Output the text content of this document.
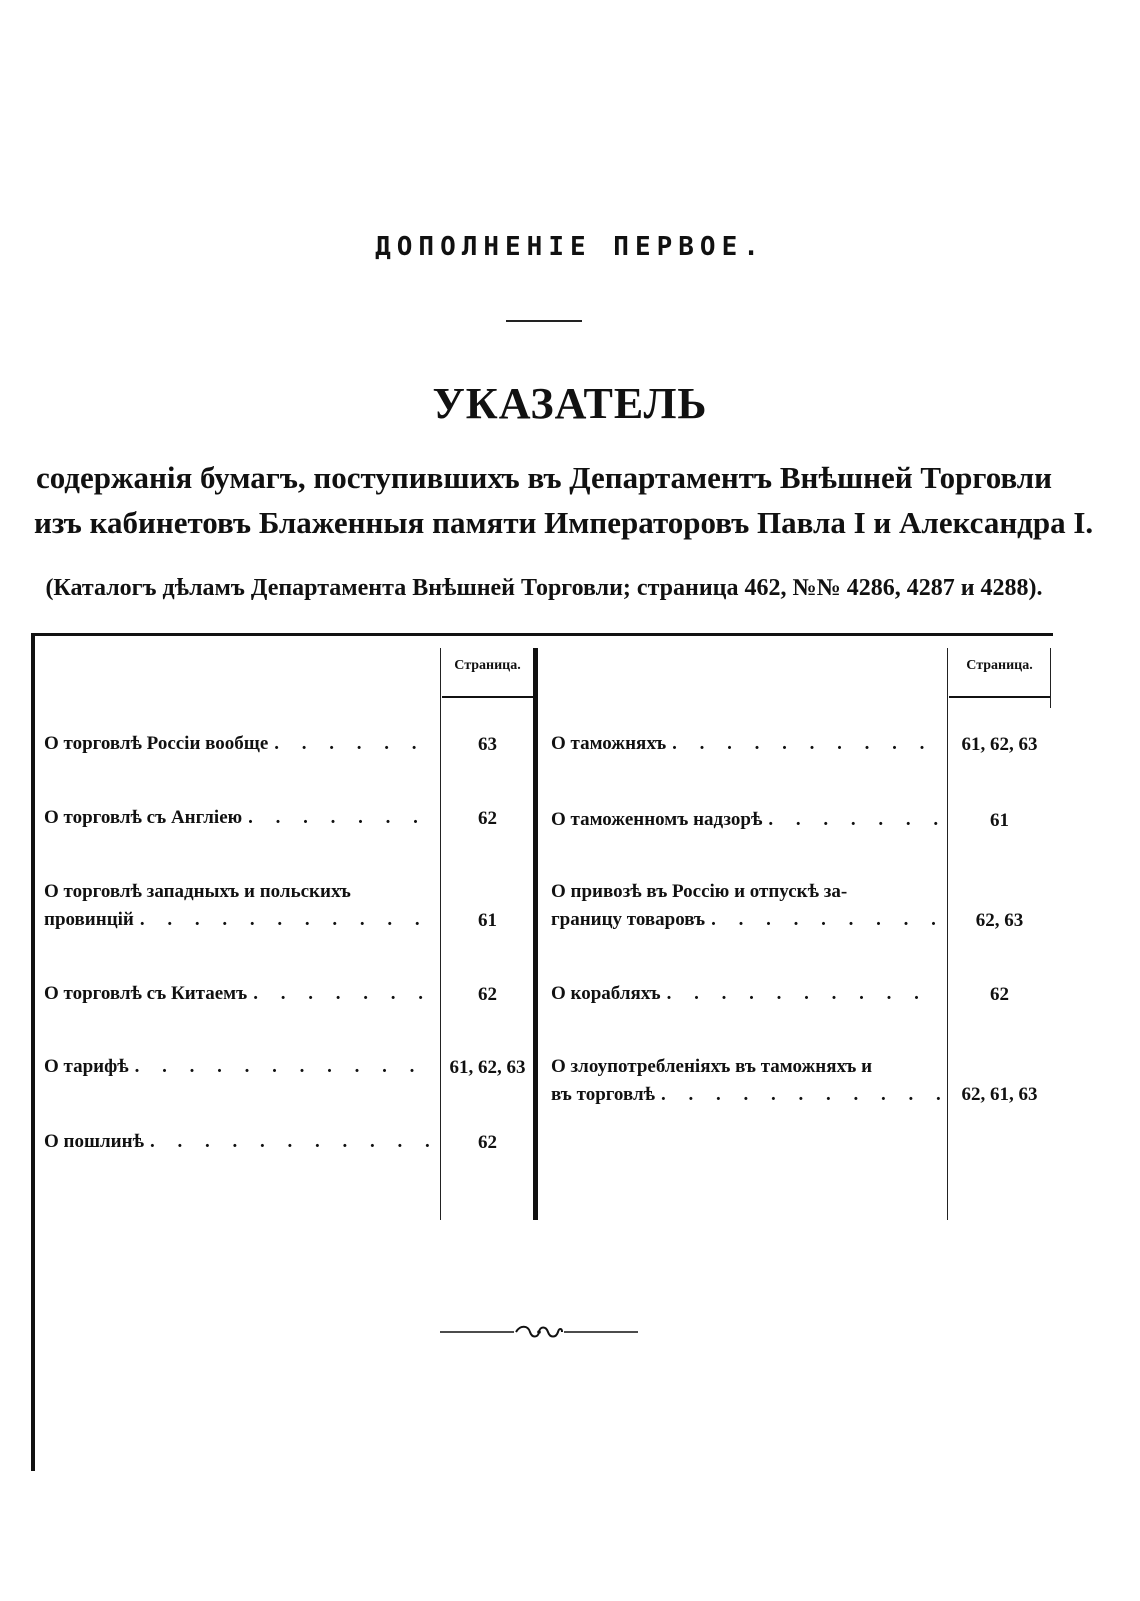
ДОПОЛНЕНІЕ ПЕРВОЕ.
УКАЗАТЕЛЬ
содержанія бумагъ, поступившихъ въ Департаментъ Внѣшней Торговли
изъ кабинетовъ Блаженныя памяти Императоровъ Павла I и Александра I.
(Каталогъ дѣламъ Департамента Внѣшней Торговли; страница 462, №№ 4286, 4287 и 4288).
Страница.	Страница.
О торговлѣ Россіи вообще . . .	63
О торговлѣ съ Англіею . . .	62
О торговлѣ западныхъ и польскихъ
провинцій . . .	61
О торговлѣ съ Китаемъ . . .	62
О тарифѣ . . .	61, 62, 63
О пошлинѣ . . .	62
О таможняхъ . . .	61, 62, 63
О таможенномъ надзорѣ . . .	61
О привозѣ въ Россію и отпускѣ за-
границу товаровъ . . .	62, 63
О корабляхъ . . .	62
О злоупотребленіяхъ въ таможняхъ и
въ торговлѣ . . .	62, 61, 63
